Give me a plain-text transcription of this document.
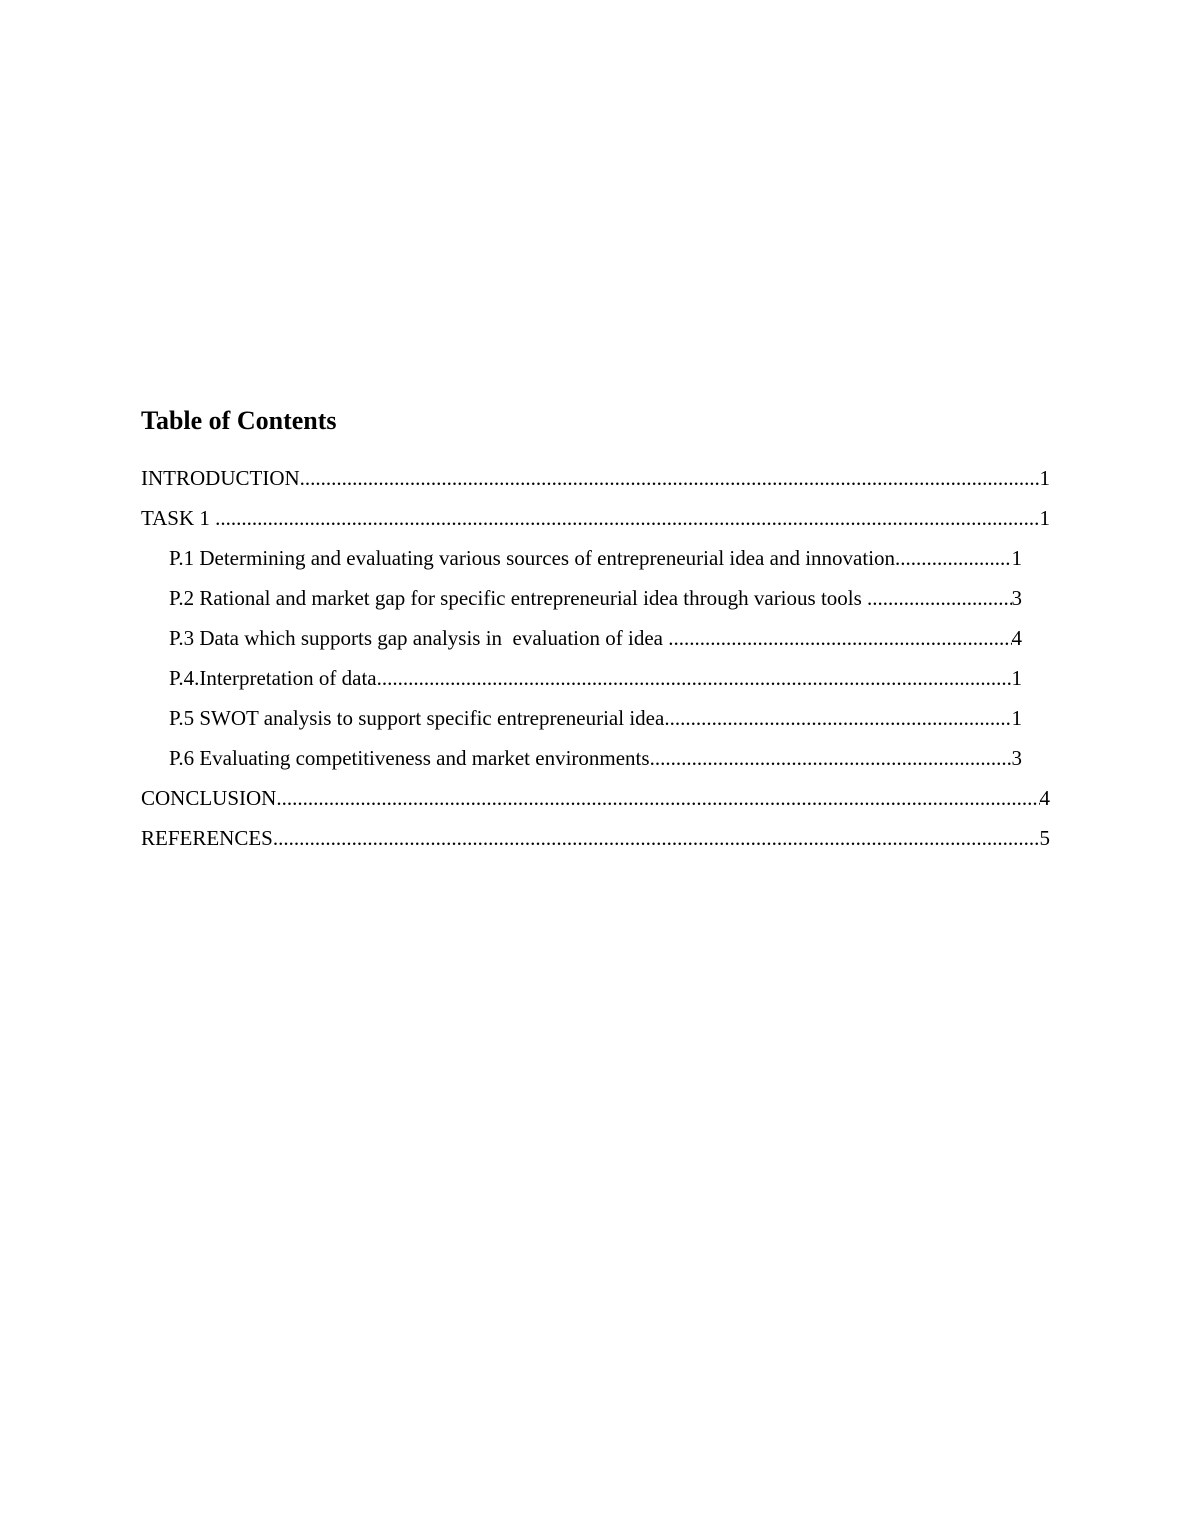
Table of Contents
INTRODUCTION .....	1
TASK 1 .....	1
P.1 Determining and evaluating various sources of entrepreneurial idea and innovation. .....	1
P.2 Rational and market gap for specific entrepreneurial idea through various tools .....	3
P.3 Data which supports gap analysis in  evaluation of idea .....	4
P.4.Interpretation of data .....	1
P.5 SWOT analysis to support specific entrepreneurial idea .....	1
P.6 Evaluating competitiveness and market environments .....	3
CONCLUSION .....	4
REFERENCES .....	5
